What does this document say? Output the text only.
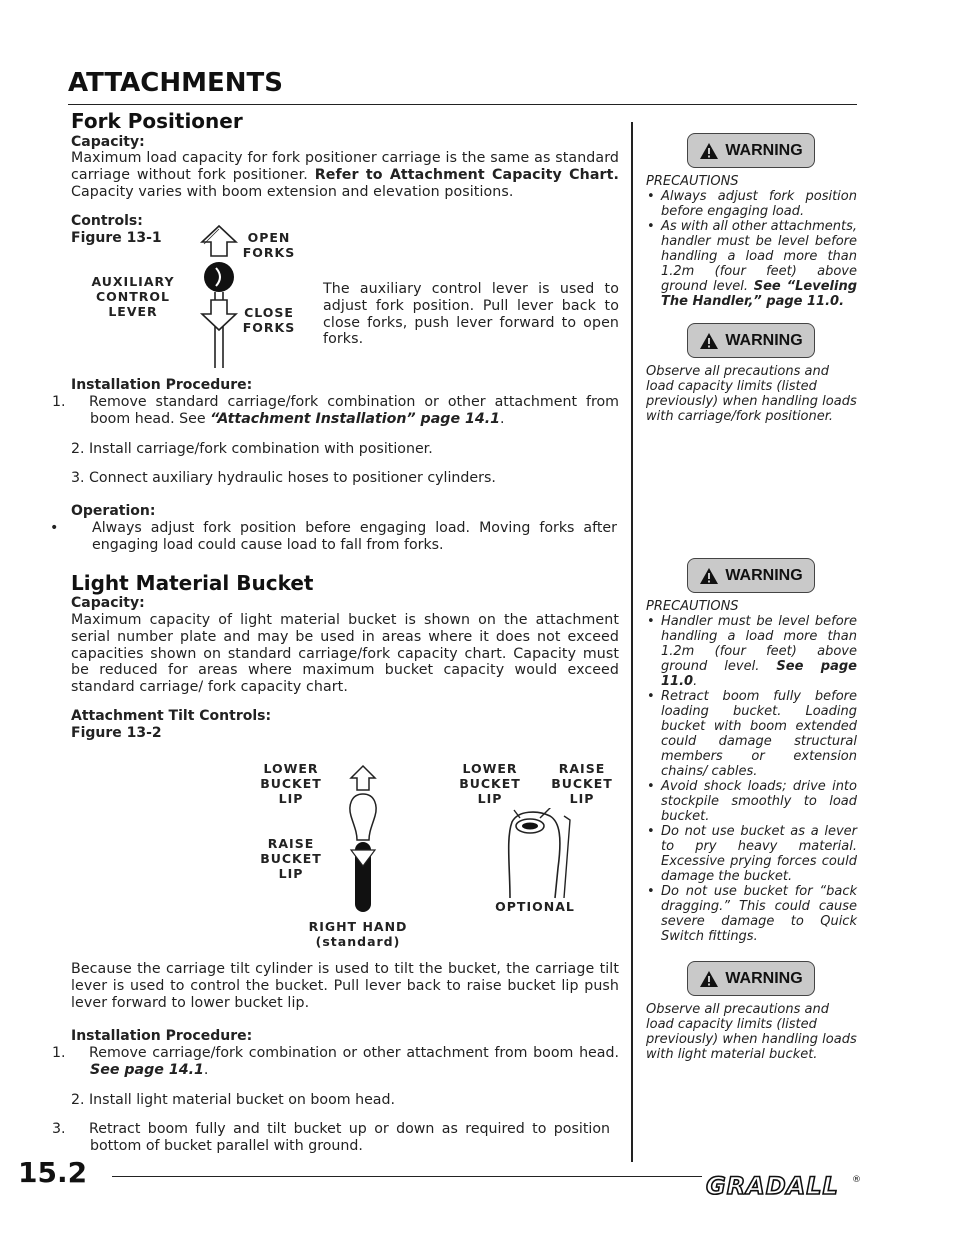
ATTACHMENTS
Fork Positioner

Capacity:

Maximum load capacity for fork positioner carriage is the same as standard carriage without fork positioner. Refer to Attachment Capacity Chart. Capacity varies with boom extension and elevation positions.

Controls:

Figure 13-1	OPEN FORKS
AUXILIARY CONTROL LEVER	CLOSE FORKS

The auxiliary control lever is used to adjust fork position. Pull lever back to close forks, push lever forward to open forks.

Installation Procedure:

1. Remove standard carriage/fork combination or other attachment from boom head. See “Attachment Installation” page 14.1.

2. Install carriage/fork combination with positioner.

3. Connect auxiliary hydraulic hoses to positioner cylinders.

Operation:

• Always adjust fork position before engaging load. Moving forks after engaging load could cause load to fall from forks.

Light Material Bucket

Capacity:

Maximum capacity of light material bucket is shown on the attachment serial number plate and may be used in areas where it does not exceed capacities shown on standard carriage/fork capacity chart. Capacity must be reduced for areas where maximum bucket capacity would exceed standard carriage/ fork capacity chart.

Attachment Tilt Controls:

Figure 13-2

LOWER BUCKET LIP
RAISE BUCKET LIP
RIGHT HAND (standard)
LOWER BUCKET LIP
RAISE BUCKET LIP
OPTIONAL

Because the carriage tilt cylinder is used to tilt the bucket, the carriage tilt lever is used to control the bucket. Pull lever back to raise bucket lip push lever forward to lower bucket lip.

Installation Procedure:

1. Remove carriage/fork combination or other attachment from boom head. See page 14.1.

2. Install light material bucket on boom head.

3. Retract boom fully and tilt bucket up or down as required to position bottom of bucket parallel with ground.

WARNING
PRECAUTIONS
• Always adjust fork position before engaging load.
• As with all other attachments, handler must be level before handling a load more than 1.2m (four feet) above ground level. See “Leveling The Handler,” page 11.0.
WARNING

Observe all precautions and load capacity limits (listed previously) when handling loads with carriage/fork positioner.

WARNING
PRECAUTIONS
• Handler must be level before handling a load more than 1.2m (four feet) above ground level. See page 11.0.
• Retract boom fully before loading bucket. Loading bucket with boom extended could damage structural members or extension chains/ cables.
• Avoid shock loads; drive into stockpile smoothly to load bucket.
• Do not use bucket as a lever to pry heavy material. Excessive prying forces could damage the bucket.
• Do not use bucket for “back dragging.” This could cause severe damage to Quick Switch fittings.
WARNING

Observe all precautions and load capacity limits (listed previously) when handling loads with light material bucket.

15.2	GRADALL ®
